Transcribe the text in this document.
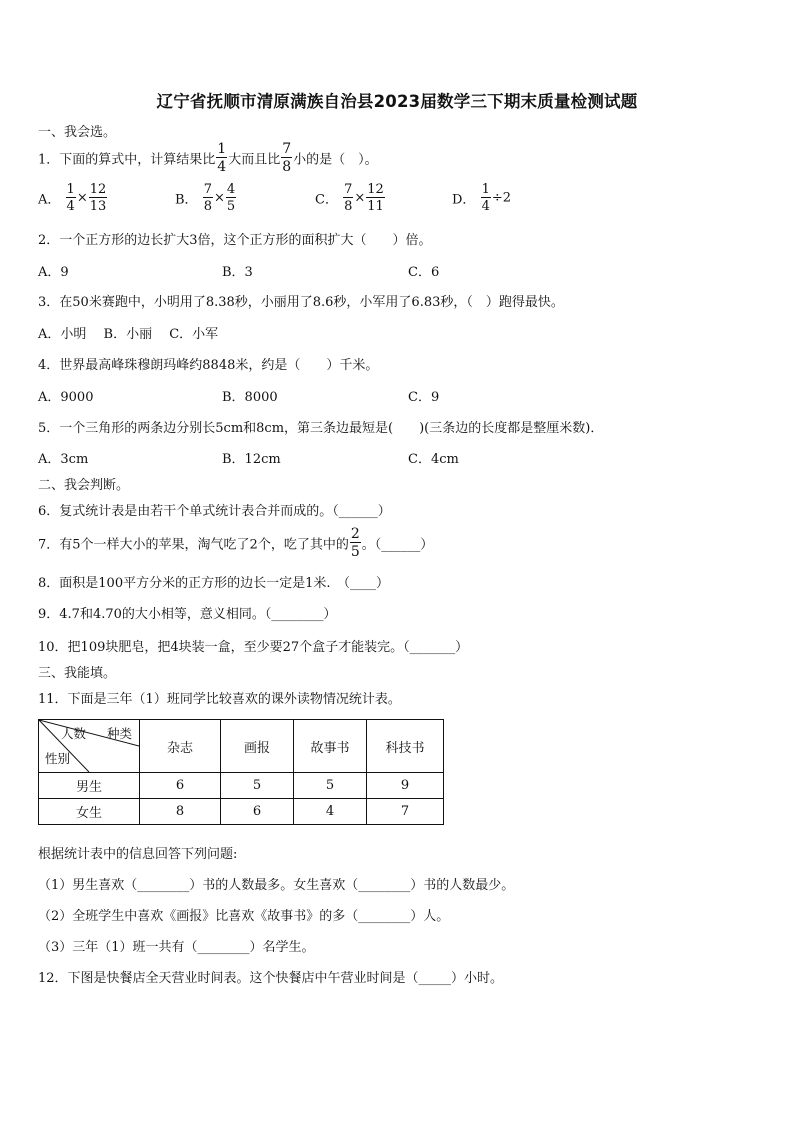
辽宁省抚顺市清原满族自治县2023届数学三下期末质量检测试题
一、我会选。
1．下面的算式中，计算结果比 $\frac{1}{4}$ 大而且比 $\frac{7}{8}$ 小的是（　）。
A． $\frac{1}{4} \times \frac{12}{13}$	B． $\frac{7}{8} \times \frac{4}{5}$	C． $\frac{7}{8} \times \frac{12}{11}$	D． $\frac{1}{4} \div 2$
2．一个正方形的边长扩大3倍，这个正方形的面积扩大（　　）倍。
A．9	B．3	C．6
3．在50米赛跑中，小明用了8.38秒，小丽用了8.6秒，小军用了6.83秒，（　）跑得最快。
A．小明　 B．小丽　 C．小军
4．世界最高峰珠穆朗玛峰约8848米，约是（　　）千米。
A．9000	B．8000	C．9
5．一个三角形的两条边分别长5cm和8cm，第三条边最短是(　　)(三条边的长度都是整厘米数)．
A．3cm	B．12cm	C．4cm
二、我会判断。
6．复式统计表是由若干个单式统计表合并而成的。（______）
7．有5个一样大小的苹果，淘气吃了2个，吃了其中的 $\frac{2}{5}$ 。（______）
8．面积是100平方分米的正方形的边长一定是1米.　（____）
9．4.7和4.70的大小相等，意义相同。（________）
10．把109块肥皂，把4块装一盒，至少要27个盒子才能装完。（_______）
三、我能填。
11．下面是三年（1）班同学比较喜欢的课外读物情况统计表。
人数 种类
性别	杂志	画报	故事书	科技书
男生	6	5	5	9
女生	8	6	4	7
根据统计表中的信息回答下列问题:
（1）男生喜欢（________）书的人数最多。女生喜欢（________）书的人数最少。
（2）全班学生中喜欢《画报》比喜欢《故事书》的多（________）人。
（3）三年（1）班一共有（________）名学生。
12．下图是快餐店全天营业时间表。这个快餐店中午营业时间是（_____）小时。
